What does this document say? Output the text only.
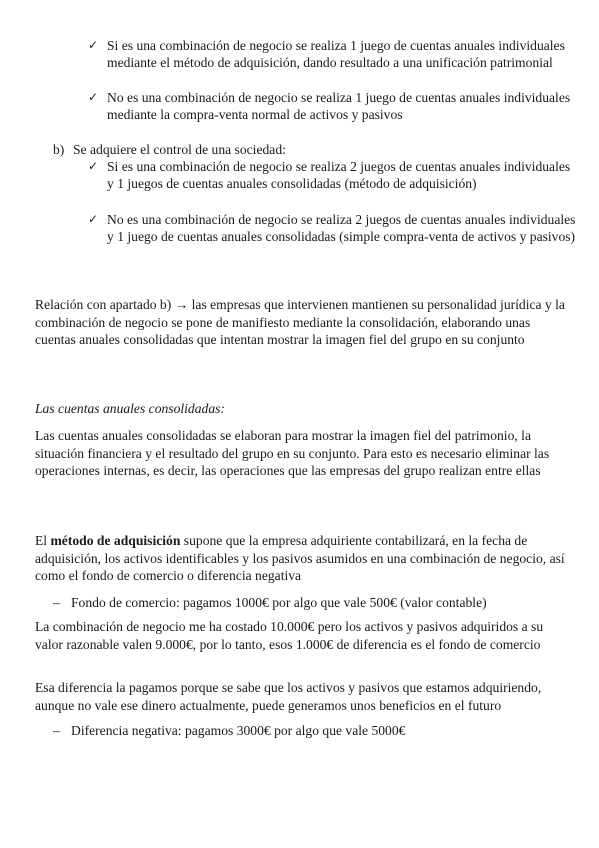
✓ Si es una combinación de negocio se realiza 1 juego de cuentas anuales individuales mediante el método de adquisición, dando resultado a una unificación patrimonial
✓ No es una combinación de negocio se realiza 1 juego de cuentas anuales individuales mediante la compra-venta normal de activos y pasivos
b) Se adquiere el control de una sociedad:
✓ Si es una combinación de negocio se realiza 2 juegos de cuentas anuales individuales y 1 juegos de cuentas anuales consolidadas (método de adquisición)
✓ No es una combinación de negocio se realiza 2 juegos de cuentas anuales individuales y 1 juego de cuentas anuales consolidadas (simple compra-venta de activos y pasivos)
Relación con apartado b) → las empresas que intervienen mantienen su personalidad jurídica y la combinación de negocio se pone de manifiesto mediante la consolidación, elaborando unas cuentas anuales consolidadas que intentan mostrar la imagen fiel del grupo en su conjunto
Las cuentas anuales consolidadas:
Las cuentas anuales consolidadas se elaboran para mostrar la imagen fiel del patrimonio, la situación financiera y el resultado del grupo en su conjunto. Para esto es necesario eliminar las operaciones internas, es decir, las operaciones que las empresas del grupo realizan entre ellas
El método de adquisición supone que la empresa adquiriente contabilizará, en la fecha de adquisición, los activos identificables y los pasivos asumidos en una combinación de negocio, así como el fondo de comercio o diferencia negativa
– Fondo de comercio: pagamos 1000€ por algo que vale 500€ (valor contable)
La combinación de negocio me ha costado 10.000€ pero los activos y pasivos adquiridos a su valor razonable valen 9.000€, por lo tanto, esos 1.000€ de diferencia es el fondo de comercio
Esa diferencia la pagamos porque se sabe que los activos y pasivos que estamos adquiriendo, aunque no vale ese dinero actualmente, puede generamos unos beneficios en el futuro
– Diferencia negativa: pagamos 3000€ por algo que vale 5000€
